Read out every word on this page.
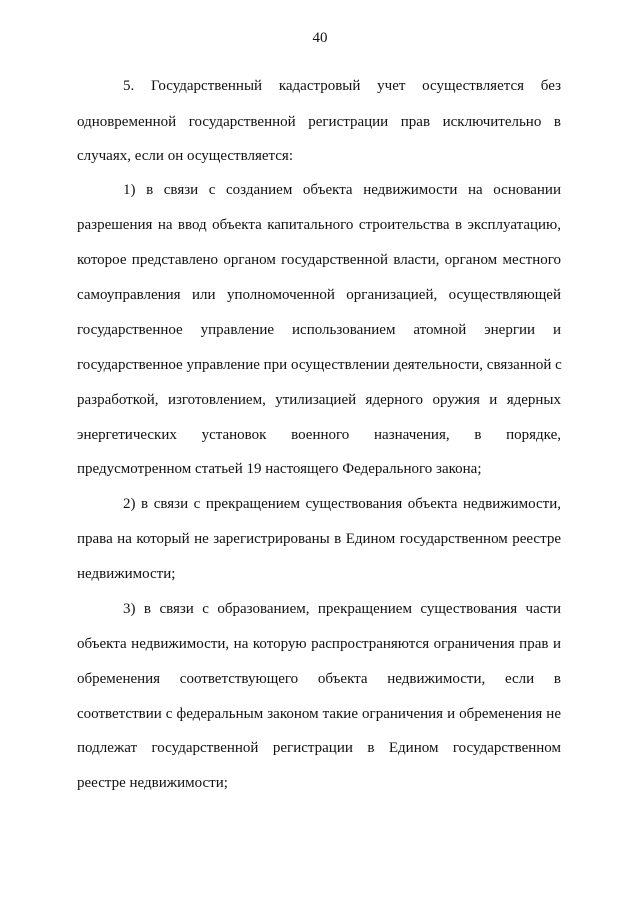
40
5. Государственный кадастровый учет осуществляется без
одновременной государственной регистрации прав исключительно в
случаях, если он осуществляется:
1) в связи с созданием объекта недвижимости на основании
разрешения на ввод объекта капитального строительства в эксплуатацию,
которое представлено органом государственной власти, органом местного
самоуправления или уполномоченной организацией, осуществляющей
государственное управление использованием атомной энергии и
государственное управление при осуществлении деятельности, связанной с
разработкой, изготовлением, утилизацией ядерного оружия и ядерных
энергетических установок военного назначения, в порядке,
предусмотренном статьей 19 настоящего Федерального закона;
2) в связи с прекращением существования объекта недвижимости,
права на который не зарегистрированы в Едином государственном реестре
недвижимости;
3) в связи с образованием, прекращением существования части
объекта недвижимости, на которую распространяются ограничения прав и
обременения соответствующего объекта недвижимости, если в
соответствии с федеральным законом такие ограничения и обременения не
подлежат государственной регистрации в Едином государственном
реестре недвижимости;
